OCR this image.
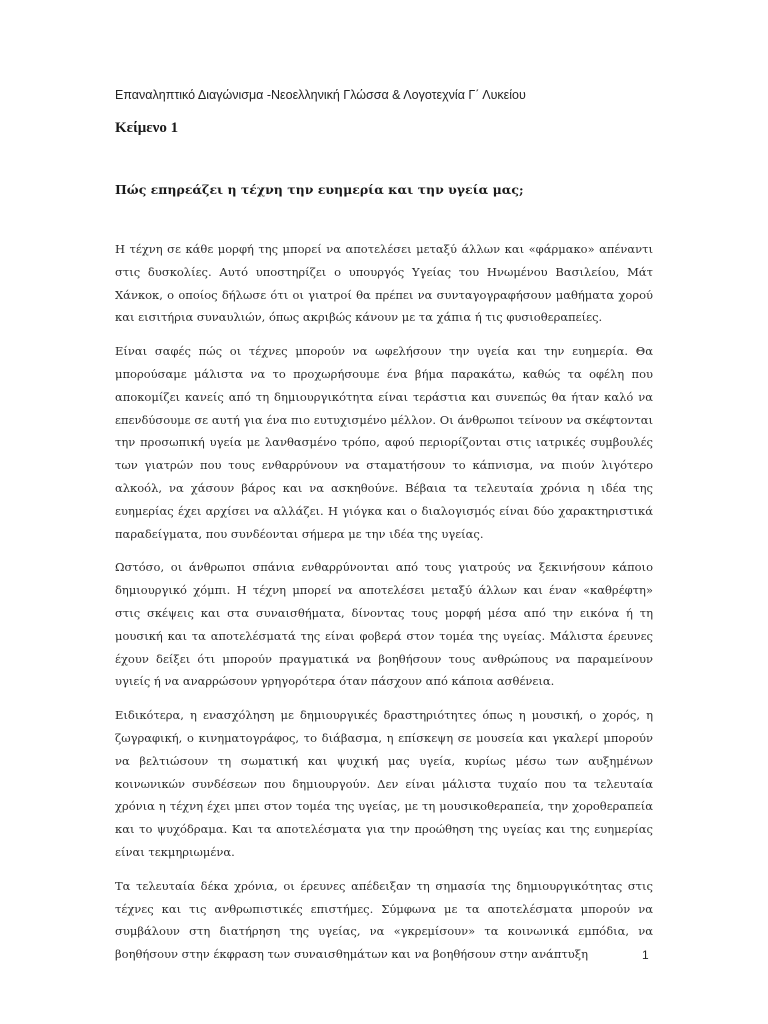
Επαναληπτικό Διαγώνισμα -Νεοελληνική Γλώσσα & Λογοτεχνία Γ΄ Λυκείου
Κείμενο 1
Πώς επηρεάζει η τέχνη την ευημερία και την υγεία μας;

Η τέχνη σε κάθε μορφή της μπορεί να αποτελέσει μεταξύ άλλων και «φάρμακο» απέναντι στις δυσκολίες. Αυτό υποστηρίζει ο υπουργός Υγείας του Ηνωμένου Βασιλείου, Μάτ Χάνκοκ, ο οποίος δήλωσε ότι οι γιατροί θα πρέπει να συνταγογραφήσουν μαθήματα χορού και εισιτήρια συναυλιών, όπως ακριβώς κάνουν με τα χάπια ή τις φυσιοθεραπείες.

Είναι σαφές πώς οι τέχνες μπορούν να ωφελήσουν την υγεία και την ευημερία. Θα μπορούσαμε μάλιστα να το προχωρήσουμε ένα βήμα παρακάτω, καθώς τα οφέλη που αποκομίζει κανείς από τη δημιουργικότητα είναι τεράστια και συνεπώς θα ήταν καλό να επενδύσουμε σε αυτή για ένα πιο ευτυχισμένο μέλλον. Οι άνθρωποι τείνουν να σκέφτονται την προσωπική υγεία με λανθασμένο τρόπο, αφού περιορίζονται στις ιατρικές συμβουλές των γιατρών που τους ενθαρρύνουν να σταματήσουν το κάπνισμα, να πιούν λιγότερο αλκοόλ, να χάσουν βάρος και να ασκηθούνε. Βέβαια τα τελευταία χρόνια η ιδέα της ευημερίας έχει αρχίσει να αλλάζει. Η γιόγκα και ο διαλογισμός είναι δύο χαρακτηριστικά παραδείγματα, που συνδέονται σήμερα με την ιδέα της υγείας.

Ωστόσο, οι άνθρωποι σπάνια ενθαρρύνονται από τους γιατρούς να ξεκινήσουν κάποιο δημιουργικό χόμπι. Η τέχνη μπορεί να αποτελέσει μεταξύ άλλων και έναν «καθρέφτη» στις σκέψεις και στα συναισθήματα, δίνοντας τους μορφή μέσα από την εικόνα ή τη μουσική και τα αποτελέσματά της είναι φοβερά στον τομέα της υγείας. Μάλιστα έρευνες έχουν δείξει ότι μπορούν πραγματικά να βοηθήσουν τους ανθρώπους να παραμείνουν υγιείς ή να αναρρώσουν γρηγορότερα όταν πάσχουν από κάποια ασθένεια.

Ειδικότερα, η ενασχόληση με δημιουργικές δραστηριότητες όπως η μουσική, ο χορός, η ζωγραφική, ο κινηματογράφος, το διάβασμα, η επίσκεψη σε μουσεία και γκαλερί μπορούν να βελτιώσουν τη σωματική και ψυχική μας υγεία, κυρίως μέσω των αυξημένων κοινωνικών συνδέσεων που δημιουργούν. Δεν είναι μάλιστα τυχαίο που τα τελευταία χρόνια η τέχνη έχει μπει στον τομέα της υγείας, με τη μουσικοθεραπεία, την χοροθεραπεία και το ψυχόδραμα. Και τα αποτελέσματα για την προώθηση της υγείας και της ευημερίας είναι τεκμηριωμένα.

Τα τελευταία δέκα χρόνια, οι έρευνες απέδειξαν τη σημασία της δημιουργικότητας στις τέχνες και τις ανθρωπιστικές επιστήμες. Σύμφωνα με τα αποτελέσματα μπορούν να συμβάλουν στη διατήρηση της υγείας, να «γκρεμίσουν» τα κοινωνικά εμπόδια, να βοηθήσουν στην έκφραση των συναισθημάτων και να βοηθήσουν στην ανάπτυξη	1
